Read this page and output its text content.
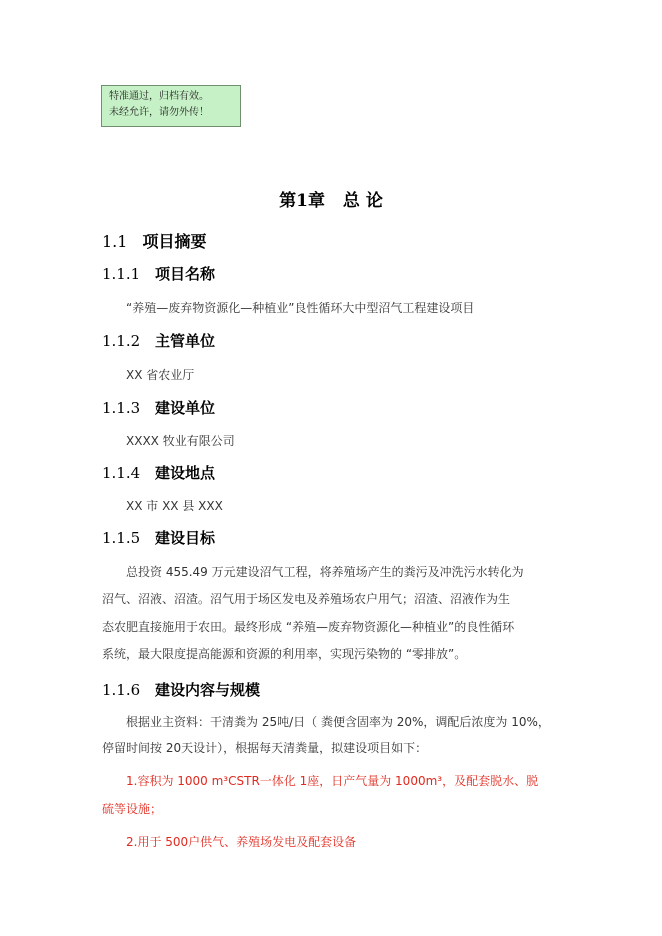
特准通过，归档有效。
未经允许，请勿外传！
第1章 总 论
1.1 项目摘要
1.1.1 项目名称
“养殖—废弃物资源化—种植业”良性循环大中型沼气工程建设项目
1.1.2 主管单位
XX 省农业厅
1.1.3 建设单位
XXXX 牧业有限公司
1.1.4 建设地点
XX 市 XX 县 XXX
1.1.5 建设目标
总投资 455.49 万元建设沼气工程，将养殖场产生的粪污及冲洗污水转化为
沼气、沼液、沼渣。沼气用于场区发电及养殖场农户用气；沼渣、沼液作为生
态农肥直接施用于农田。最终形成 “养殖—废弃物资源化—种植业”的良性循环
系统，最大限度提高能源和资源的利用率，实现污染物的 “零排放”。
1.1.6 建设内容与规模
根据业主资料：干清粪为 25吨/日（ 粪便含固率为 20%，调配后浓度为 10%，
停留时间按 20天设计），根据每天清粪量，拟建设项目如下：
1.容积为 1000 m³CSTR一体化 1座，日产气量为 1000m³，及配套脱水、脱
硫等设施；
2.用于 500户供气、养殖场发电及配套设备
